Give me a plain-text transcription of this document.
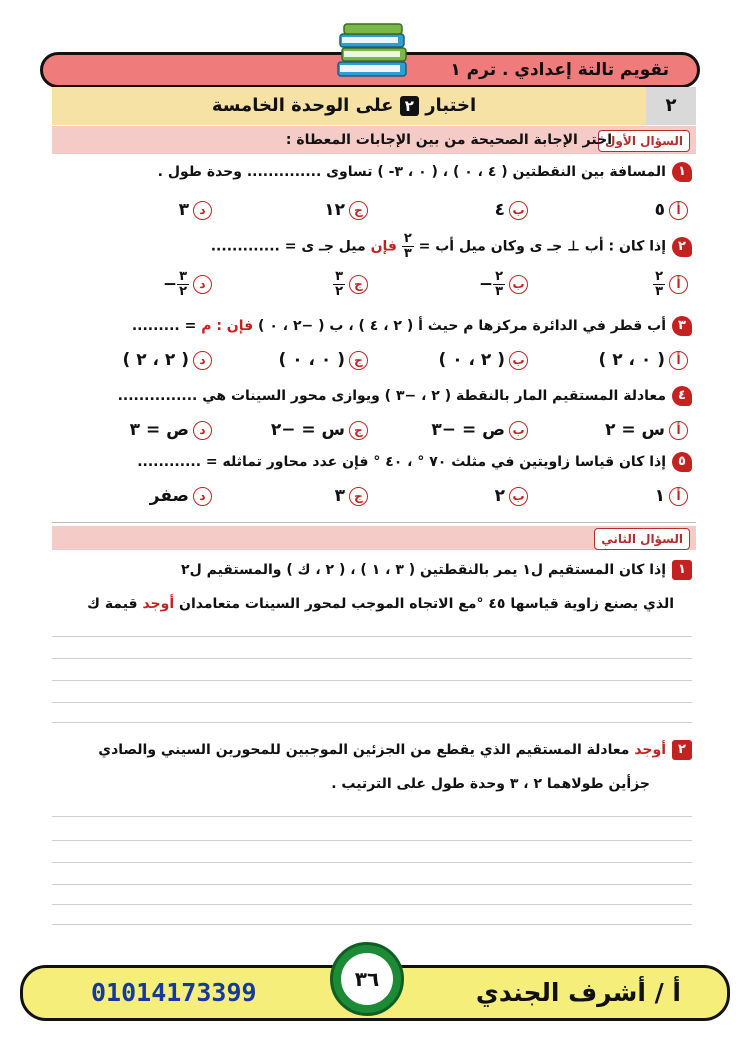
تقويم تالتة إعدادي . ترم ١
اختبار ٢ على الوحدة الخامسة	٢
السؤال الأول
اختر الإجابة الصحيحة من بين الإجابات المعطاة :
١المسافة بين النقطتين ( ٤ ، ٠ ) ، ( ٠ ، ٣- ) تساوى .............. وحدة طول .
أ٥
ب٤
ج١٢
د٣
٢إذا كان : أب ⊥ جـ ى وكان ميل أب =
$\frac{٢}{٣}$
فإن ميل جـ ى = .............
أ
$\frac{٢}{٣}$
ب
$\frac{٢}{٣}$
−
ج
$\frac{٣}{٢}$
د
$\frac{٣}{٢}$
−
٣أب قطر في الدائرة مركزها م حيث أ ( ٢ ، ٤ ) ، ب ( −٢ ، ٠ ) فإن : م = .........
أ( ٠ ، ٢ )
ب( ٢ ، ٠ )
ج( ٠ ، ٠ )
د( ٢ ، ٢ )
٤معادلة المستقيم المار بالنقطة ( ٢ ، −٣ ) ويوازى محور السينات هي ...............
أس = ٢
بص = −٣
جس = −٢
دص = ٣
٥إذا كان قياسا زاويتين في مثلث ٧٠ ° ، ٤٠ ° فإن عدد محاور تماثله = ............
أ١
ب٢
ج٣
دصفر
السؤال الثاني
١إذا كان المستقيم ل١ يمر بالنقطتين ( ٣ ، ١ ) ، ( ٢ ، ك ) والمستقيم ل٢
الذي يصنع زاوية قياسها ٤٥ °مع الاتجاه الموجب لمحور السينات متعامدان أوجد قيمة ك
٢أوجد معادلة المستقيم الذي يقطع من الجزئين الموجبين للمحورين السيني والصادي
جزأين طولاهما ٢ ، ٣ وحدة طول على الترتيب .
01014173399	أ / أشرف الجندي
٣٦
